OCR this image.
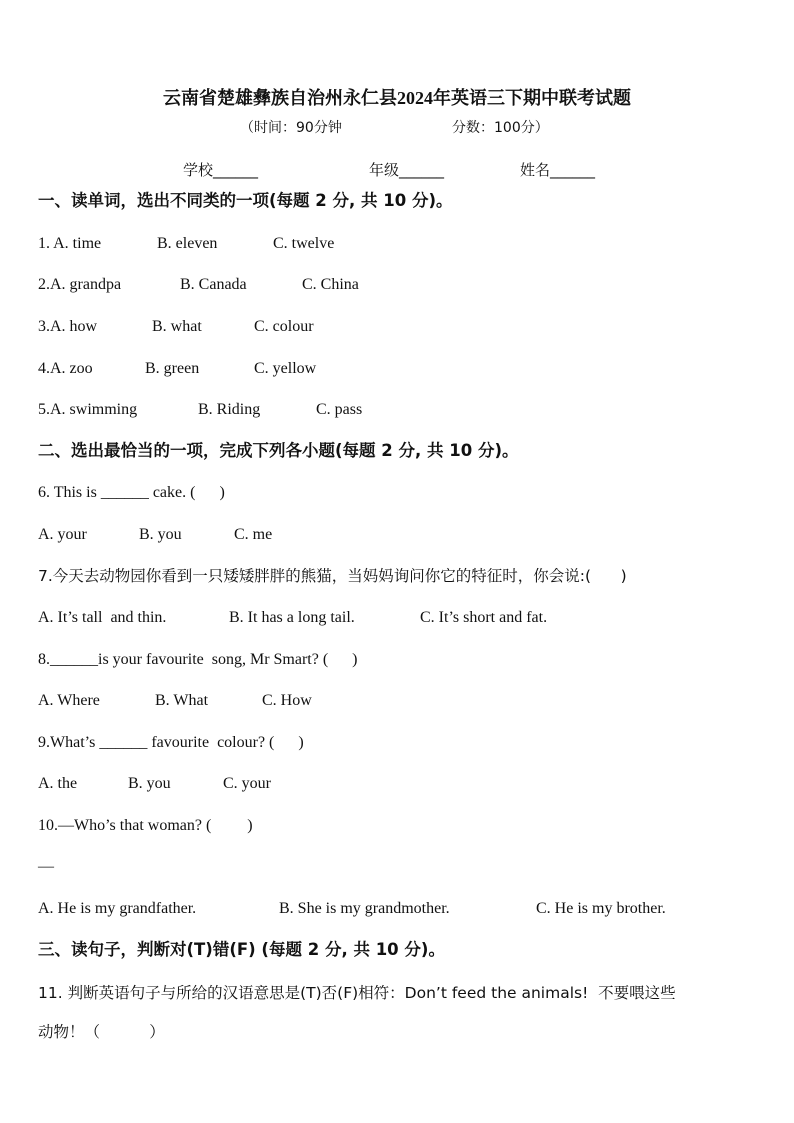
云南省楚雄彝族自治州永仁县2024年英语三下期中联考试题
（时间：90分钟	分数：100分）
学校______	年级______	姓名______
一、读单词，选出不同类的一项(每题 2 分, 共 10 分)。
1. A. time	B. eleven	C. twelve
2.A. grandpa	B. Canada	C. China
3.A. how	B. what	C. colour
4.A. zoo	B. green	C. yellow
5.A. swimming	B. Riding	C. pass
二、选出最恰当的一项，完成下列各小题(每题 2 分, 共 10 分)。
6. This is ______ cake. (      )
A. your	B. you	C. me
7.今天去动物园你看到一只矮矮胖胖的熊猫，当妈妈询问你它的特征时，你会说:(      )
A. It’s tall  and thin.	B. It has a long tail.	C. It’s short and fat.
8.______is your favourite  song, Mr Smart? (      )
A. Where	B. What	C. How
9.What’s ______ favourite  colour? (      )
A. the	B. you	C. your
10.—Who’s that woman? (         )
—
A. He is my grandfather.	B. She is my grandmother.	C. He is my brother.
三、读句子，判断对(T)错(F) (每题 2 分, 共 10 分)。
11. 判断英语句子与所给的汉语意思是(T)否(F)相符：Don’t feed the animals!  不要喂这些
动物！（          ）
